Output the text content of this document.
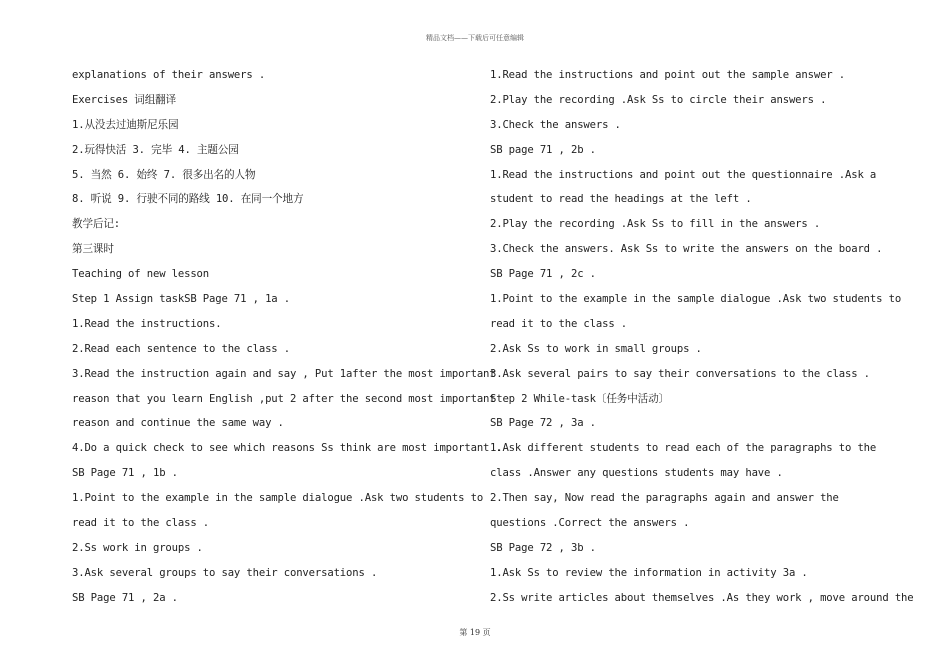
精品文档——下载后可任意编辑
explanations of their answers .
Exercises 词组翻译
1.从没去过迪斯尼乐园
2.玩得快活 3. 完毕 4. 主题公园
5. 当然 6. 始终 7. 很多出名的人物
8. 听说 9. 行驶不同的路线 10. 在同一个地方
教学后记:
第三课时
Teaching of new lesson
Step 1 Assign taskSB Page 71 , 1a .
1.Read the instructions.
2.Read each sentence to the class .
3.Read the instruction again and say , Put 1after the most important
reason that you learn English ,put 2 after the second most important
reason and continue the same way .
4.Do a quick check to see which reasons Ss think are most important .
SB Page 71 , 1b .
1.Point to the example in the sample dialogue .Ask two students to
read it to the class .
2.Ss work in groups .
3.Ask several groups to say their conversations .
SB Page 71 , 2a .
1.Read the instructions and point out the sample answer .
2.Play the recording .Ask Ss to circle their answers .
3.Check the answers .
SB page 71 , 2b .
1.Read the instructions and point out the questionnaire .Ask a
student to read the headings at the left .
2.Play the recording .Ask Ss to fill in the answers .
3.Check the answers. Ask Ss to write the answers on the board .
SB Page 71 , 2c .
1.Point to the example in the sample dialogue .Ask two students to
read it to the class .
2.Ask Ss to work in small groups .
3.Ask several pairs to say their conversations to the class .
Step 2 While-task〔任务中活动〕
SB Page 72 , 3a .
1.Ask different students to read each of the paragraphs to the
class .Answer any questions students may have .
2.Then say, Now read the paragraphs again and answer the
questions .Correct the answers .
SB Page 72 , 3b .
1.Ask Ss to review the information in activity 3a .
2.Ss write articles about themselves .As they work , move around the
第 19 页
